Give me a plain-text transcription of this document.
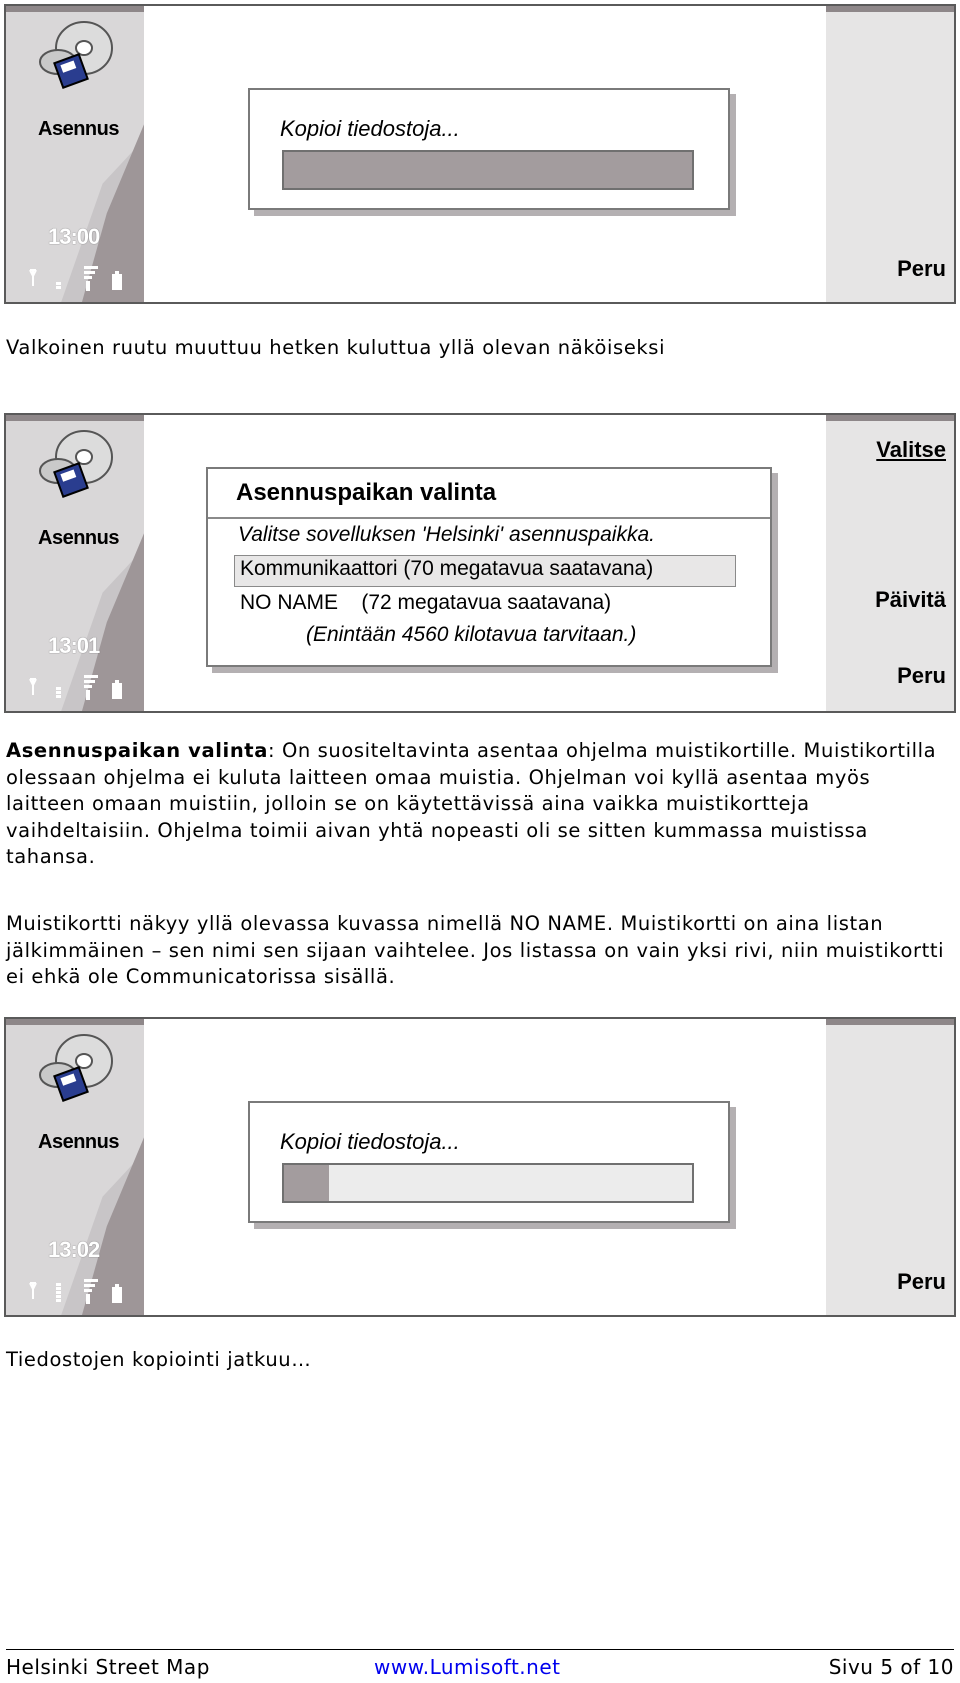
Asennus
13:00
Peru
Kopioi tiedostoja...
Valkoinen ruutu muuttuu hetken kuluttua yllä olevan näköiseksi
Asennus
13:01
Valitse
Päivitä
Peru
Asennuspaikan valinta
Valitse sovelluksen 'Helsinki' asennuspaikka.
Kommunikaattori (70 megatavua saatavana)
NO NAME    (72 megatavua saatavana)
(Enintään 4560 kilotavua tarvitaan.)
Asennuspaikan valinta: On suositeltavinta asentaa ohjelma muistikortille. Muistikortilla olessaan ohjelma ei kuluta laitteen omaa muistia. Ohjelman voi kyllä asentaa myös laitteen omaan muistiin, jolloin se on käytettävissä aina vaikka muistikortteja vaihdeltaisiin. Ohjelma toimii aivan yhtä nopeasti oli se sitten kummassa muistissa tahansa.
Muistikortti näkyy yllä olevassa kuvassa nimellä NO NAME. Muistikortti on aina listan jälkimmäinen – sen nimi sen sijaan vaihtelee. Jos listassa on vain yksi rivi, niin muistikortti ei ehkä ole Communicatorissa sisällä.
Asennus
13:02
Peru
Kopioi tiedostoja...
Tiedostojen kopiointi jatkuu…
Helsinki Street Map	www.Lumisoft.net	Sivu 5 of 10
